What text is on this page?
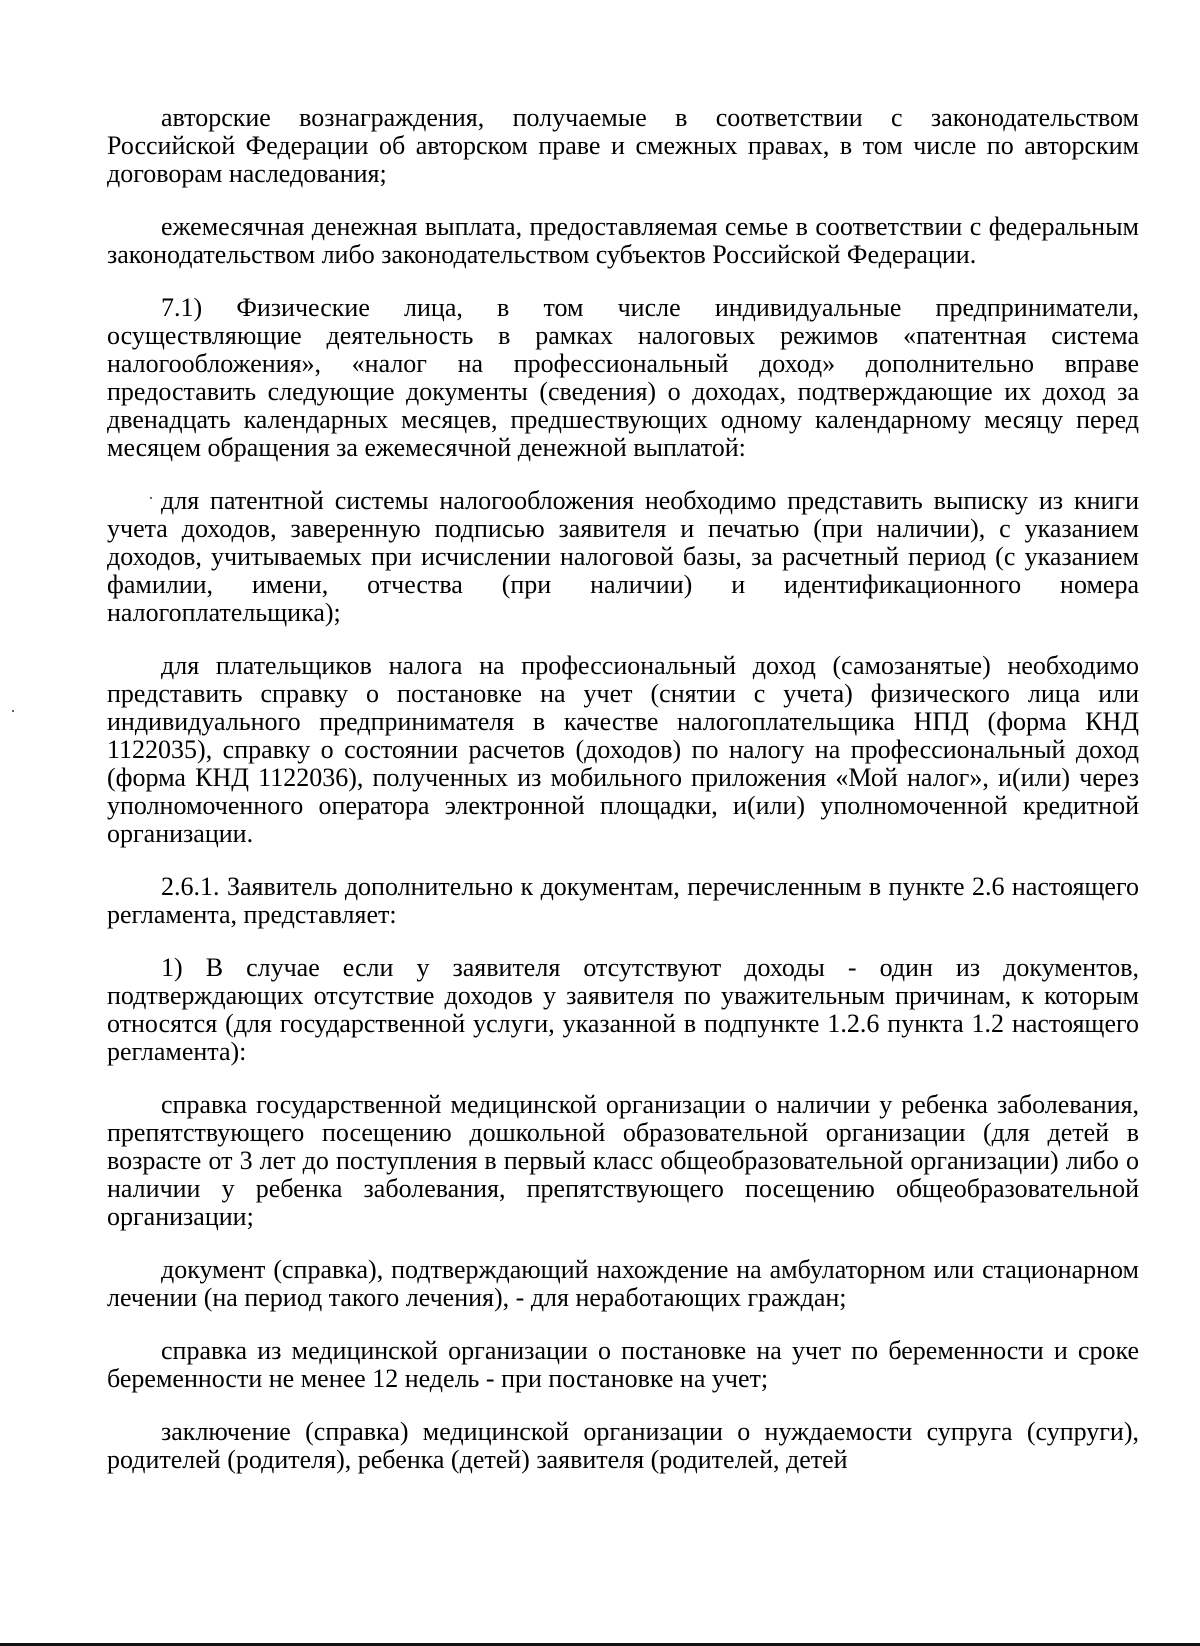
авторские вознаграждения, получаемые в соответствии с законодательством Российской Федерации об авторском праве и смежных правах, в том числе по авторским договорам наследования;

ежемесячная денежная выплата, предоставляемая семье в соответствии с федеральным законодательством либо законодательством субъектов Российской Федерации.

7.1) Физические лица, в том числе индивидуальные предприниматели, осуществляющие деятельность в рамках налоговых режимов «патентная система налогообложения», «налог на профессиональный доход» дополнительно вправе предоставить следующие документы (сведения) о доходах, подтверждающие их доход за двенадцать календарных месяцев, предшествующих одному календарному месяцу перед месяцем обращения за ежемесячной денежной выплатой:

для патентной системы налогообложения необходимо представить выписку из книги учета доходов, заверенную подписью заявителя и печатью (при наличии), с указанием доходов, учитываемых при исчислении налоговой базы, за расчетный период (с указанием фамилии, имени, отчества (при наличии) и идентификационного номера налогоплательщика);

для плательщиков налога на профессиональный доход (самозанятые) необходимо представить справку о постановке на учет (снятии с учета) физического лица или индивидуального предпринимателя в качестве налогоплательщика НПД (форма КНД 1122035), справку о состоянии расчетов (доходов) по налогу на профессиональный доход (форма КНД 1122036), полученных из мобильного приложения «Мой налог», и(или) через уполномоченного оператора электронной площадки, и(или) уполномоченной кредитной организации.

2.6.1. Заявитель дополнительно к документам, перечисленным в пункте 2.6 настоящего регламента, представляет:

1) В случае если у заявителя отсутствуют доходы - один из документов, подтверждающих отсутствие доходов у заявителя по уважительным причинам, к которым относятся (для государственной услуги, указанной в подпункте 1.2.6 пункта 1.2 настоящего регламента):

справка государственной медицинской организации о наличии у ребенка заболевания, препятствующего посещению дошкольной образовательной организации (для детей в возрасте от 3 лет до поступления в первый класс общеобразовательной организации) либо о наличии у ребенка заболевания, препятствующего посещению общеобразовательной организации;

документ (справка), подтверждающий нахождение на амбулаторном или стационарном лечении (на период такого лечения), - для неработающих граждан;

справка из медицинской организации о постановке на учет по беременности и сроке беременности не менее 12 недель - при постановке на учет;

заключение (справка) медицинской организации о нуждаемости супруга (супруги), родителей (родителя), ребенка (детей) заявителя (родителей, детей
